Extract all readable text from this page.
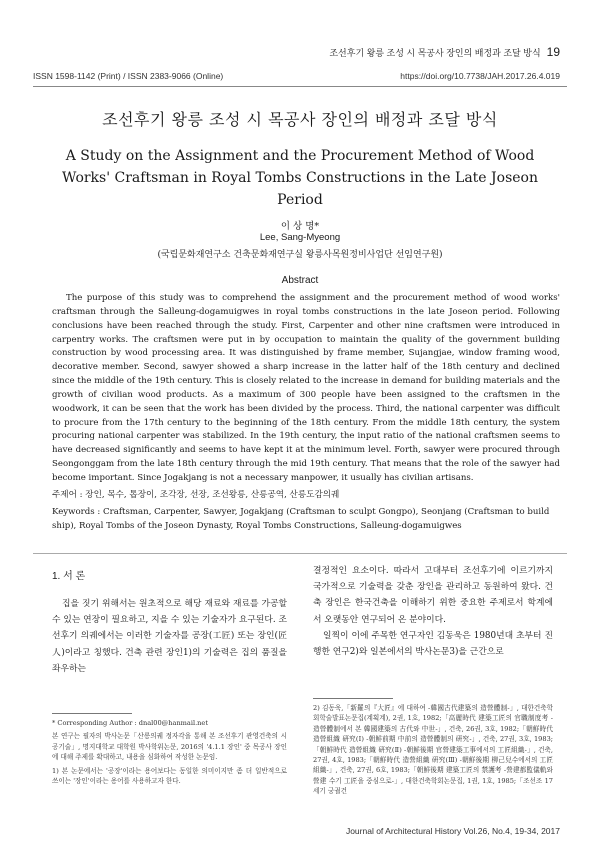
조선후기 왕릉 조성 시 목공사 장인의 배정과 조달 방식 19
ISSN 1598-1142 (Print) / ISSN 2383-9066 (Online)	https://doi.org/10.7738/JAH.2017.26.4.019
조선후기 왕릉 조성 시 목공사 장인의 배정과 조달 방식
A Study on the Assignment and the Procurement Method of Wood Works' Craftsman in Royal Tombs Constructions in the Late Joseon Period
이 상 명*
Lee, Sang-Myeong
(국립문화재연구소 건축문화재연구실 왕릉사목원정비사업단 선임연구원)
Abstract
The purpose of this study was to comprehend the assignment and the procurement method of wood works' craftsman through the Salleung-dogamuigwes in royal tombs constructions in the late Joseon period. Following conclusions have been reached through the study. First, Carpenter and other nine craftsmen were introduced in carpentry works. The craftsmen were put in by occupation to maintain the quality of the government building construction by wood processing area. It was distinguished by frame member, Sujangjae, window framing wood, decorative member. Second, sawyer showed a sharp increase in the latter half of the 18th century and declined since the middle of the 19th century. This is closely related to the increase in demand for building materials and the growth of civilian wood products. As a maximum of 300 people have been assigned to the craftsmen in the woodwork, it can be seen that the work has been divided by the process. Third, the national carpenter was difficult to procure from the 17th century to the beginning of the 18th century. From the middle 18th century, the system procuring national carpenter was stabilized. In the 19th century, the input ratio of the national craftsmen seems to have decreased significantly and seems to have kept it at the minimum level. Forth, sawyer were procured through Seongonggam from the late 18th century through the mid 19th century. That means that the role of the sawyer had become important. Since Jogakjang is not a necessary manpower, it usually has civilian artisans.
주제어 : 장인, 목수, 톱장이, 조각장, 선장, 조선왕릉, 산릉공역, 산릉도감의궤
Keywords : Craftsman, Carpenter, Sawyer, Jogakjang (Craftsman to sculpt Gongpo), Seonjang (Craftsman to build ship), Royal Tombs of the Joseon Dynasty, Royal Tombs Constructions, Salleung-dogamuigwes
1. 서 론
집을 짓기 위해서는 원초적으로 해당 재료와 재료를 가공할 수 있는 연장이 필요하고, 지을 수 있는 기술자가 요구된다. 조선후기 의궤에서는 이러한 기술자를 공장(工匠) 또는 장인(匠人)이라고 칭했다. 건축 관련 장인1)의 기술력은 집의 품질을 좌우하는

결정적인 요소이다. 따라서 고대부터 조선후기에 이르기까지 국가적으로 기술력을 갖춘 장인을 관리하고 동원하여 왔다. 건축 장인은 한국건축을 이해하기 위한 중요한 주제로서 학계에서 오랫동안 연구되어 온 분야이다.

일찍이 이에 주목한 연구자인 김동욱은 1980년대 초부터 진행한 연구2)와 일본에서의 박사논문3)을 근간으로

* Corresponding Author : dnal00@hanmail.net

본 연구는 필자의 박사논문「산릉의궤 정자각을 통해 본 조선후기 관영건축의 시공기술」, 명지대학교 대학원 박사학위논문, 2016의 '4.1.1 장인' 중 목공사 장인에 대해 주제를 확대하고, 내용을 심화하여 작성한 논문임.

1) 본 논문에서는 '공장'이라는 용어보다는 동일한 의미이지만 좀 더 일반적으로 쓰이는 '장인'이라는 용어를 사용하고자 한다.

2) 김동욱,「新羅의『大匠』에 대하여 -韓國古代建築의 造營體制-」, 대한건축학회학술발표논문집(계획계), 2권, 1호, 1982;「高麗時代 建築工匠의 官職制度考 -造營體制에서 본 韓國建築의 古代와 中世-」, 건축, 26권, 3호, 1982;「朝鮮時代 造營組織 硏究(Ⅰ) -朝鮮前期 中前의 造營體制의 硏究-」, 건축, 27권, 3호, 1983;「朝鮮時代 造營組織 硏究(Ⅱ) -朝鮮後期 官營建築工事에서의 工匠組織-」, 건축, 27권, 4호, 1983;「朝鮮時代 造營組織 硏究(Ⅲ) -朝鮮後期 柳己兒수에서의 工匠組織-」, 건축, 27권, 6호, 1983;「朝鮮後期 建築工匠의 禁護考 -營建都監儀軌와 營建 수기 工匠을 중심으로-」, 대한건축학회논문집, 1권, 1호, 1985;「조선조 17세기 궁궐건

Journal of Architectural History Vol.26, No.4, 19-34, 2017
